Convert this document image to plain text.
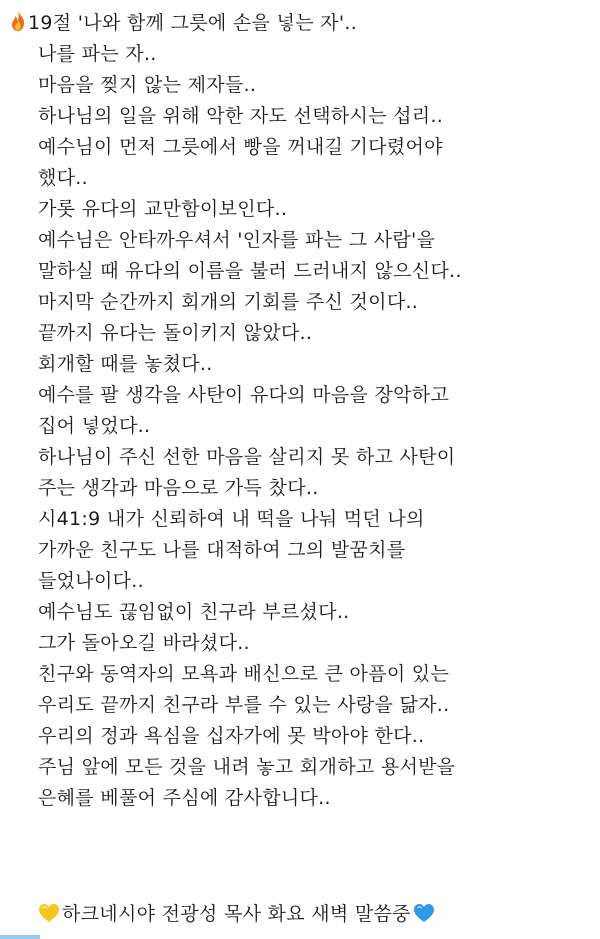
19절 '나와 함께 그릇에 손을 넣는 자'..
나를 파는 자..
마음을 찢지 않는 제자들..
하나님의 일을 위해 악한 자도 선택하시는 섭리..
예수님이 먼저 그릇에서 빵을 꺼내길 기다렸어야
했다..
가롯 유다의 교만함이보인다..
예수님은 안타까우셔서 '인자를 파는 그 사람'을
말하실 때 유다의 이름을 불러 드러내지 않으신다..
마지막 순간까지 회개의 기회를 주신 것이다..
끝까지 유다는 돌이키지 않았다..
회개할 때를 놓쳤다..
예수를 팔 생각을 사탄이 유다의 마음을 장악하고
집어 넣었다..
하나님이 주신 선한 마음을 살리지 못 하고 사탄이
주는 생각과 마음으로 가득 찼다..
시41:9 내가 신뢰하여 내 떡을 나눠 먹던 나의
가까운 친구도 나를 대적하여 그의 발꿈치를
들었나이다..
예수님도 끊임없이 친구라 부르셨다..
그가 돌아오길 바라셨다..
친구와 동역자의 모욕과 배신으로 큰 아픔이 있는
우리도 끝까지 친구라 부를 수 있는 사랑을 닮자..
우리의 정과 욕심을 십자가에 못 박아야 한다..
주님 앞에 모든 것을 내려 놓고 회개하고 용서받을
은혜를 베풀어 주심에 감사합니다..
하크네시야 전광성 목사 화요 새벽 말씀중
